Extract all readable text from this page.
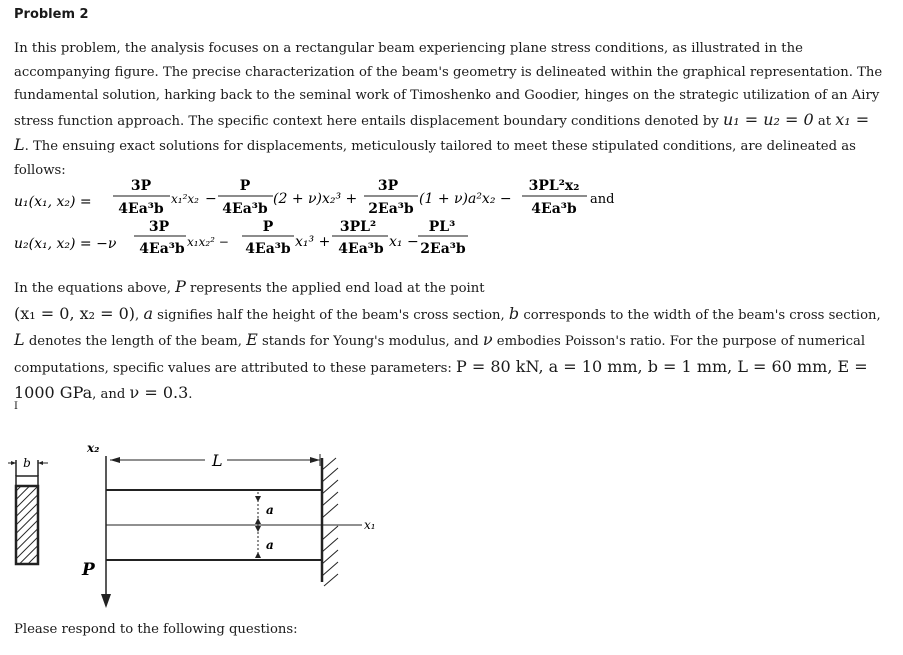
Problem 2
In this problem, the analysis focuses on a rectangular beam experiencing plane stress conditions, as illustrated in the accompanying figure. The precise characterization of the beam's geometry is delineated within the graphical representation. The fundamental solution, harking back to the seminal work of Timoshenko and Goodier, hinges on the strategic utilization of an Airy stress function approach. The specific context here entails displacement boundary conditions denoted by u₁ = u₂ = 0 at x₁ = L. The ensuing exact solutions for displacements, meticulously tailored to meet these stipulated conditions, are delineated as follows:
u₁(x₁, x₂) =
3P
4Ea³b
x₁²x₂ −
P
4Ea³b
(2 + ν)x₂³ +
3P
2Ea³b
(1 + ν)a²x₂ −
3PL²x₂
4Ea³b
and
u₂(x₁, x₂) = −ν
3P
4Ea³b x₁x₂² −
P
4Ea³b x₁³ +
3PL²
4Ea³b x₁ −
PL³
2Ea³b
In the equations above, P represents the applied end load at the point
(x₁ = 0, x₂ = 0), a signifies half the height of the beam's cross section, b corresponds to the width of the beam's cross section, L denotes the length of the beam, E stands for Young's modulus, and ν embodies Poisson's ratio. For the purpose of numerical computations, specific values are attributed to these parameters: P = 80 kN, a = 10 mm, b = 1 mm, L = 60 mm, E = 1000 GPa, and ν = 0.3.
I
b
x₂
P
L
x₁
a
a
Please respond to the following questions:
